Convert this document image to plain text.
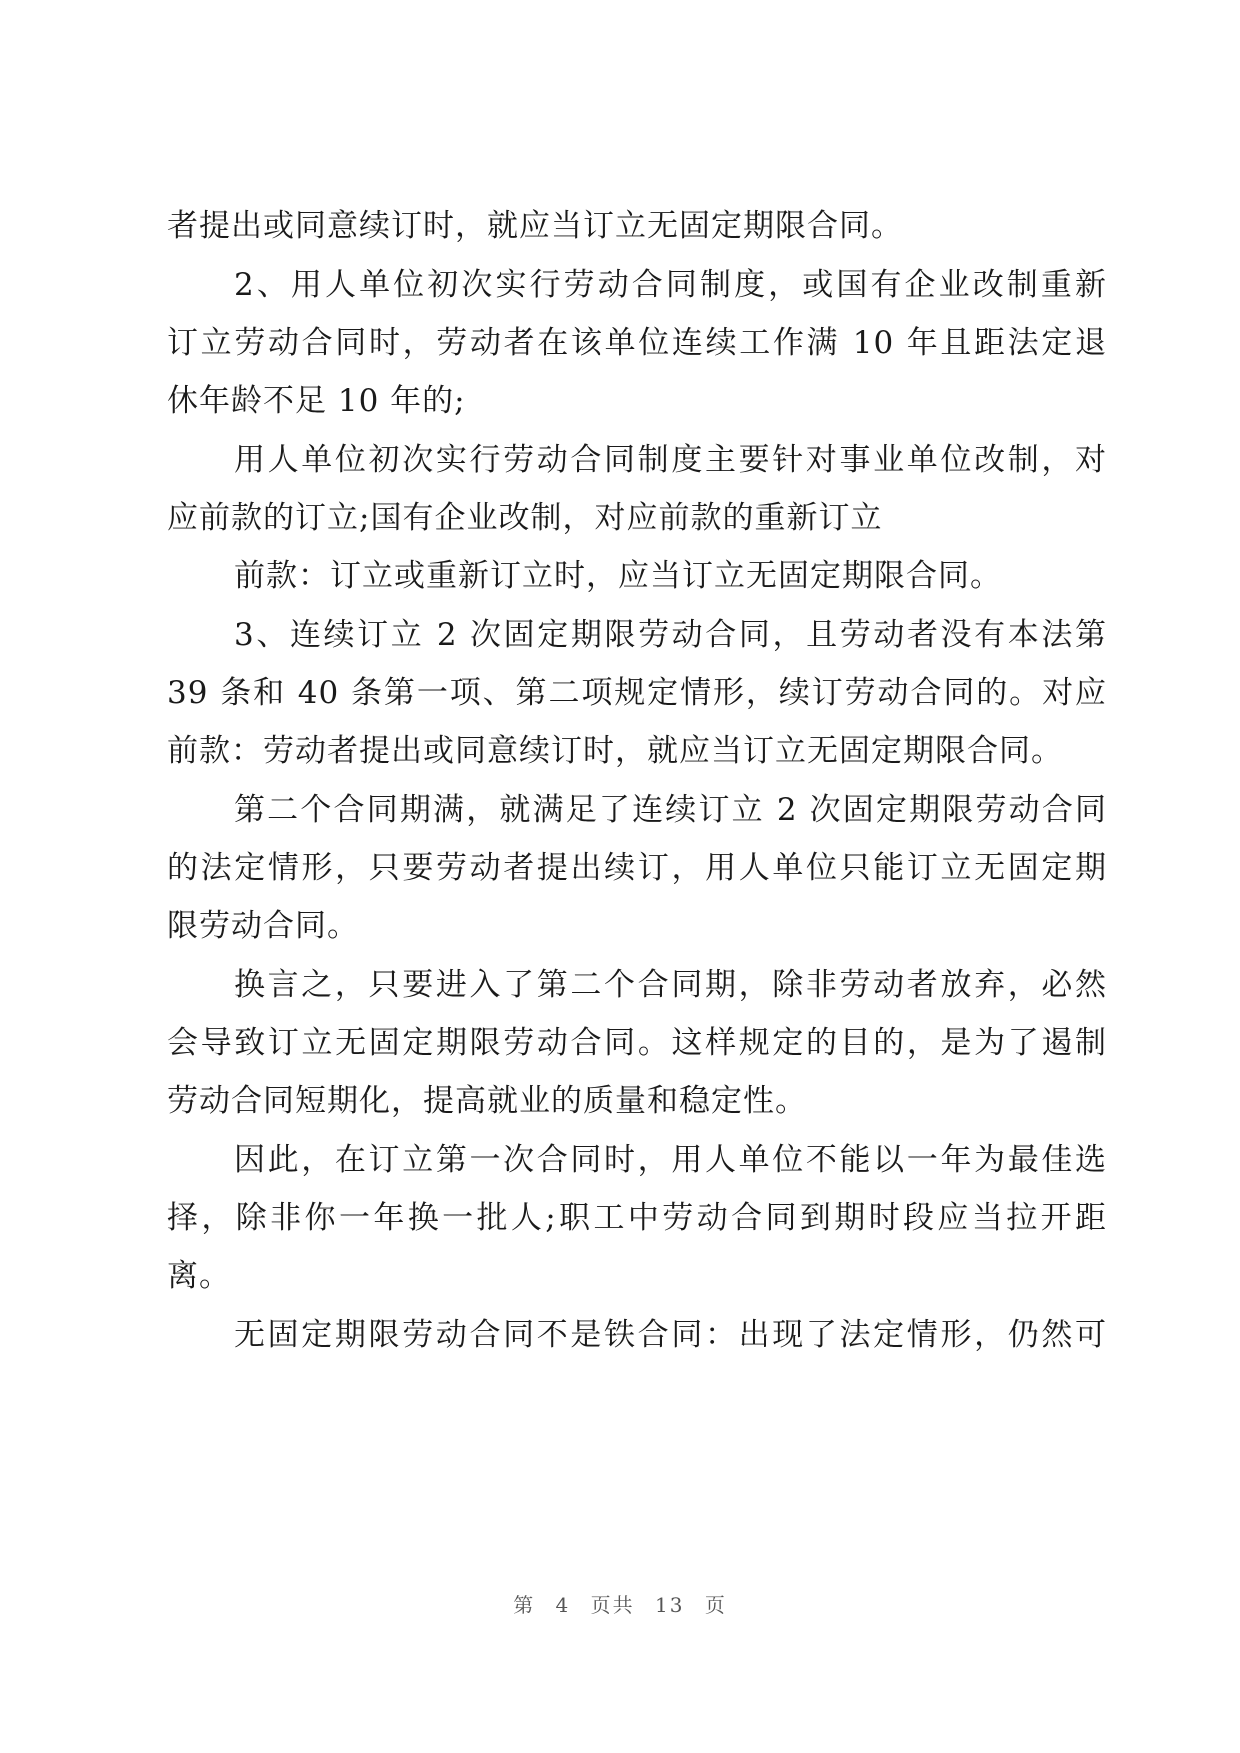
者提出或同意续订时，就应当订立无固定期限合同。
2、用人单位初次实行劳动合同制度，或国有企业改制重新
订立劳动合同时，劳动者在该单位连续工作满 10 年且距法定退
休年龄不足 10 年的;
用人单位初次实行劳动合同制度主要针对事业单位改制，对
应前款的订立;国有企业改制，对应前款的重新订立
前款：订立或重新订立时，应当订立无固定期限合同。
3、连续订立 2 次固定期限劳动合同，且劳动者没有本法第
39 条和 40 条第一项、第二项规定情形，续订劳动合同的。对应
前款：劳动者提出或同意续订时，就应当订立无固定期限合同。
第二个合同期满，就满足了连续订立 2 次固定期限劳动合同
的法定情形，只要劳动者提出续订，用人单位只能订立无固定期
限劳动合同。
换言之，只要进入了第二个合同期，除非劳动者放弃，必然
会导致订立无固定期限劳动合同。这样规定的目的，是为了遏制
劳动合同短期化，提高就业的质量和稳定性。
因此，在订立第一次合同时，用人单位不能以一年为最佳选
择，除非你一年换一批人;职工中劳动合同到期时段应当拉开距
离。
无固定期限劳动合同不是铁合同：出现了法定情形，仍然可
第 4 页共 13 页
